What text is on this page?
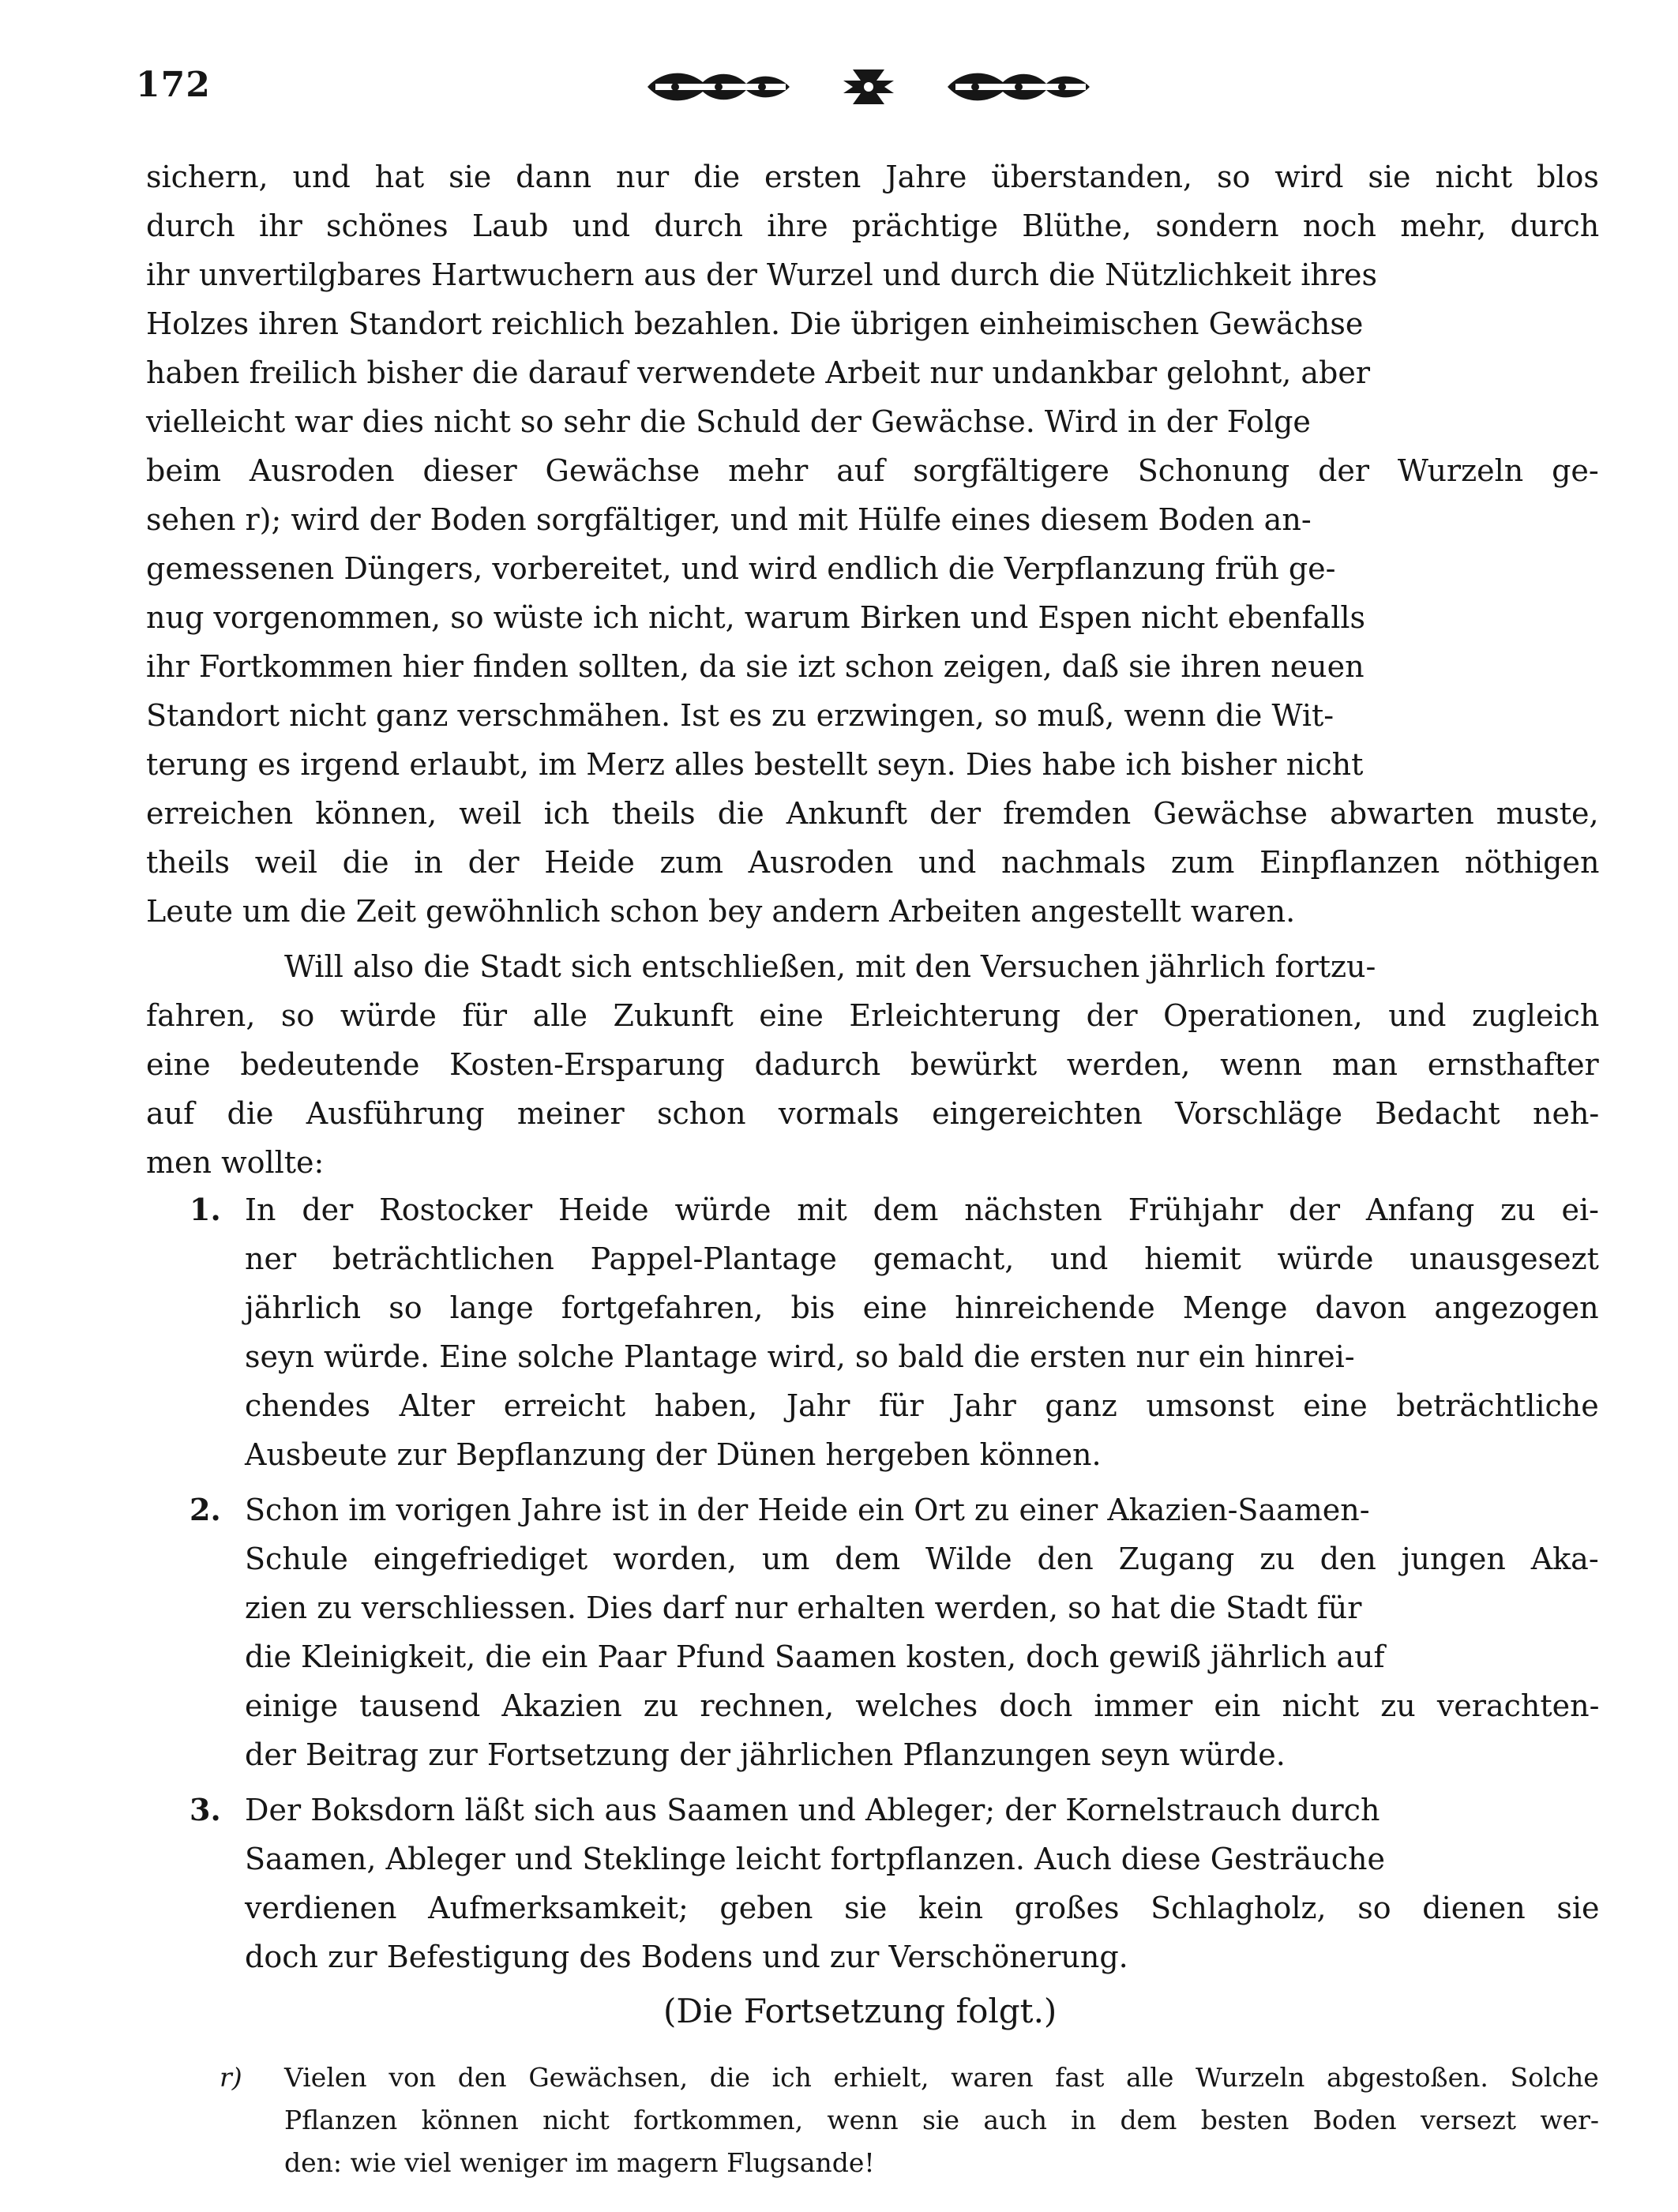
172
sichern, und hat sie dann nur die ersten Jahre überstanden, so wird sie nicht blos
durch ihr schönes Laub und durch ihre prächtige Blüthe, sondern noch mehr, durch
ihr unvertilgbares Hartwuchern aus der Wurzel und durch die Nützlichkeit ihres
Holzes ihren Standort reichlich bezahlen. Die übrigen einheimischen Gewächse
haben freilich bisher die darauf verwendete Arbeit nur undankbar gelohnt, aber
vielleicht war dies nicht so sehr die Schuld der Gewächse. Wird in der Folge
beim Ausroden dieser Gewächse mehr auf sorgfältigere Schonung der Wurzeln ge-
sehen r); wird der Boden sorgfältiger, und mit Hülfe eines diesem Boden an-
gemessenen Düngers, vorbereitet, und wird endlich die Verpflanzung früh ge-
nug vorgenommen, so wüste ich nicht, warum Birken und Espen nicht ebenfalls
ihr Fortkommen hier finden sollten, da sie izt schon zeigen, daß sie ihren neuen
Standort nicht ganz verschmähen. Ist es zu erzwingen, so muß, wenn die Wit-
terung es irgend erlaubt, im Merz alles bestellt seyn. Dies habe ich bisher nicht
erreichen können, weil ich theils die Ankunft der fremden Gewächse abwarten muste,
theils weil die in der Heide zum Ausroden und nachmals zum Einpflanzen nöthigen
Leute um die Zeit gewöhnlich schon bey andern Arbeiten angestellt waren.
Will also die Stadt sich entschließen, mit den Versuchen jährlich fortzu-
fahren, so würde für alle Zukunft eine Erleichterung der Operationen, und zugleich
eine bedeutende Kosten-Ersparung dadurch bewürkt werden, wenn man ernsthafter
auf die Ausführung meiner schon vormals eingereichten Vorschläge Bedacht neh-
men wollte:
1. In der Rostocker Heide würde mit dem nächsten Frühjahr der Anfang zu ei-
ner beträchtlichen Pappel-Plantage gemacht, und hiemit würde unausgesezt
jährlich so lange fortgefahren, bis eine hinreichende Menge davon angezogen
seyn würde. Eine solche Plantage wird, so bald die ersten nur ein hinrei-
chendes Alter erreicht haben, Jahr für Jahr ganz umsonst eine beträchtliche
Ausbeute zur Bepflanzung der Dünen hergeben können.
2. Schon im vorigen Jahre ist in der Heide ein Ort zu einer Akazien-Saamen-
Schule eingefriediget worden, um dem Wilde den Zugang zu den jungen Aka-
zien zu verschliessen. Dies darf nur erhalten werden, so hat die Stadt für
die Kleinigkeit, die ein Paar Pfund Saamen kosten, doch gewiß jährlich auf
einige tausend Akazien zu rechnen, welches doch immer ein nicht zu verachten-
der Beitrag zur Fortsetzung der jährlichen Pflanzungen seyn würde.
3. Der Boksdorn läßt sich aus Saamen und Ableger; der Kornelstrauch durch
Saamen, Ableger und Steklinge leicht fortpflanzen. Auch diese Gesträuche
verdienen Aufmerksamkeit; geben sie kein großes Schlagholz, so dienen sie
doch zur Befestigung des Bodens und zur Verschönerung.
(Die Fortsetzung folgt.)
r) Vielen von den Gewächsen, die ich erhielt, waren fast alle Wurzeln abgestoßen. Solche
Pflanzen können nicht fortkommen, wenn sie auch in dem besten Boden versezt wer-
den: wie viel weniger im magern Flugsande!
